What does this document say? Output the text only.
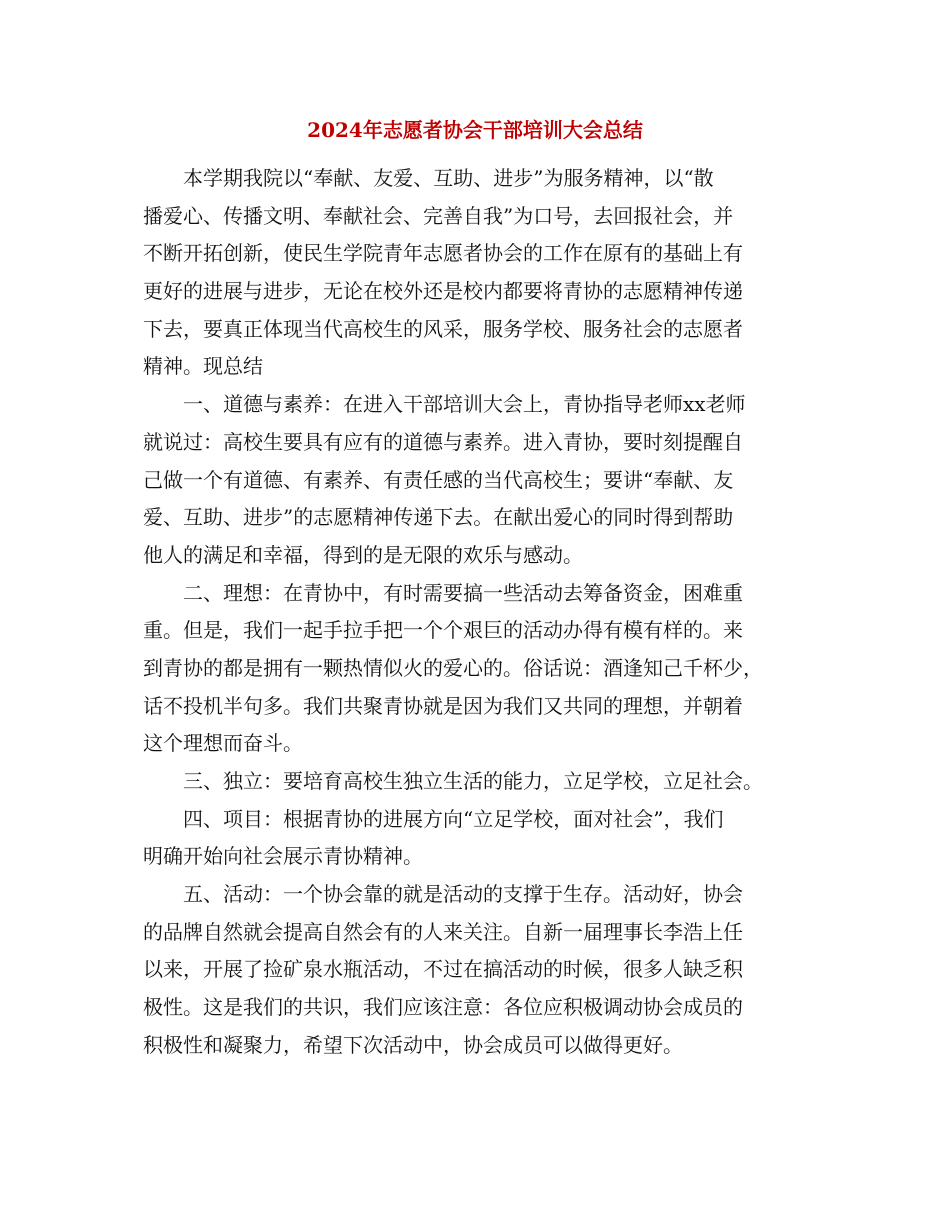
2024年志愿者协会干部培训大会总结
　　本学期我院以“奉献、友爱、互助、进步”为服务精神，以“散
播爱心、传播文明、奉献社会、完善自我”为口号，去回报社会，并
不断开拓创新，使民生学院青年志愿者协会的工作在原有的基础上有
更好的进展与进步，无论在校外还是校内都要将青协的志愿精神传递
下去，要真正体现当代高校生的风采，服务学校、服务社会的志愿者
精神。现总结
　　一、道德与素养：在进入干部培训大会上，青协指导老师xx老师
就说过：高校生要具有应有的道德与素养。进入青协，要时刻提醒自
己做一个有道德、有素养、有责任感的当代高校生；要讲“奉献、友
爱、互助、进步”的志愿精神传递下去。在献出爱心的同时得到帮助
他人的满足和幸福，得到的是无限的欢乐与感动。
　　二、理想：在青协中，有时需要搞一些活动去筹备资金，困难重
重。但是，我们一起手拉手把一个个艰巨的活动办得有模有样的。来
到青协的都是拥有一颗热情似火的爱心的。俗话说：酒逢知己千杯少，
话不投机半句多。我们共聚青协就是因为我们又共同的理想，并朝着
这个理想而奋斗。
　　三、独立：要培育高校生独立生活的能力，立足学校，立足社会。
　　四、项目：根据青协的进展方向“立足学校，面对社会”，我们
明确开始向社会展示青协精神。
　　五、活动：一个协会靠的就是活动的支撑于生存。活动好，协会
的品牌自然就会提高自然会有的人来关注。自新一届理事长李浩上任
以来，开展了捡矿泉水瓶活动，不过在搞活动的时候，很多人缺乏积
极性。这是我们的共识，我们应该注意：各位应积极调动协会成员的
积极性和凝聚力，希望下次活动中，协会成员可以做得更好。
